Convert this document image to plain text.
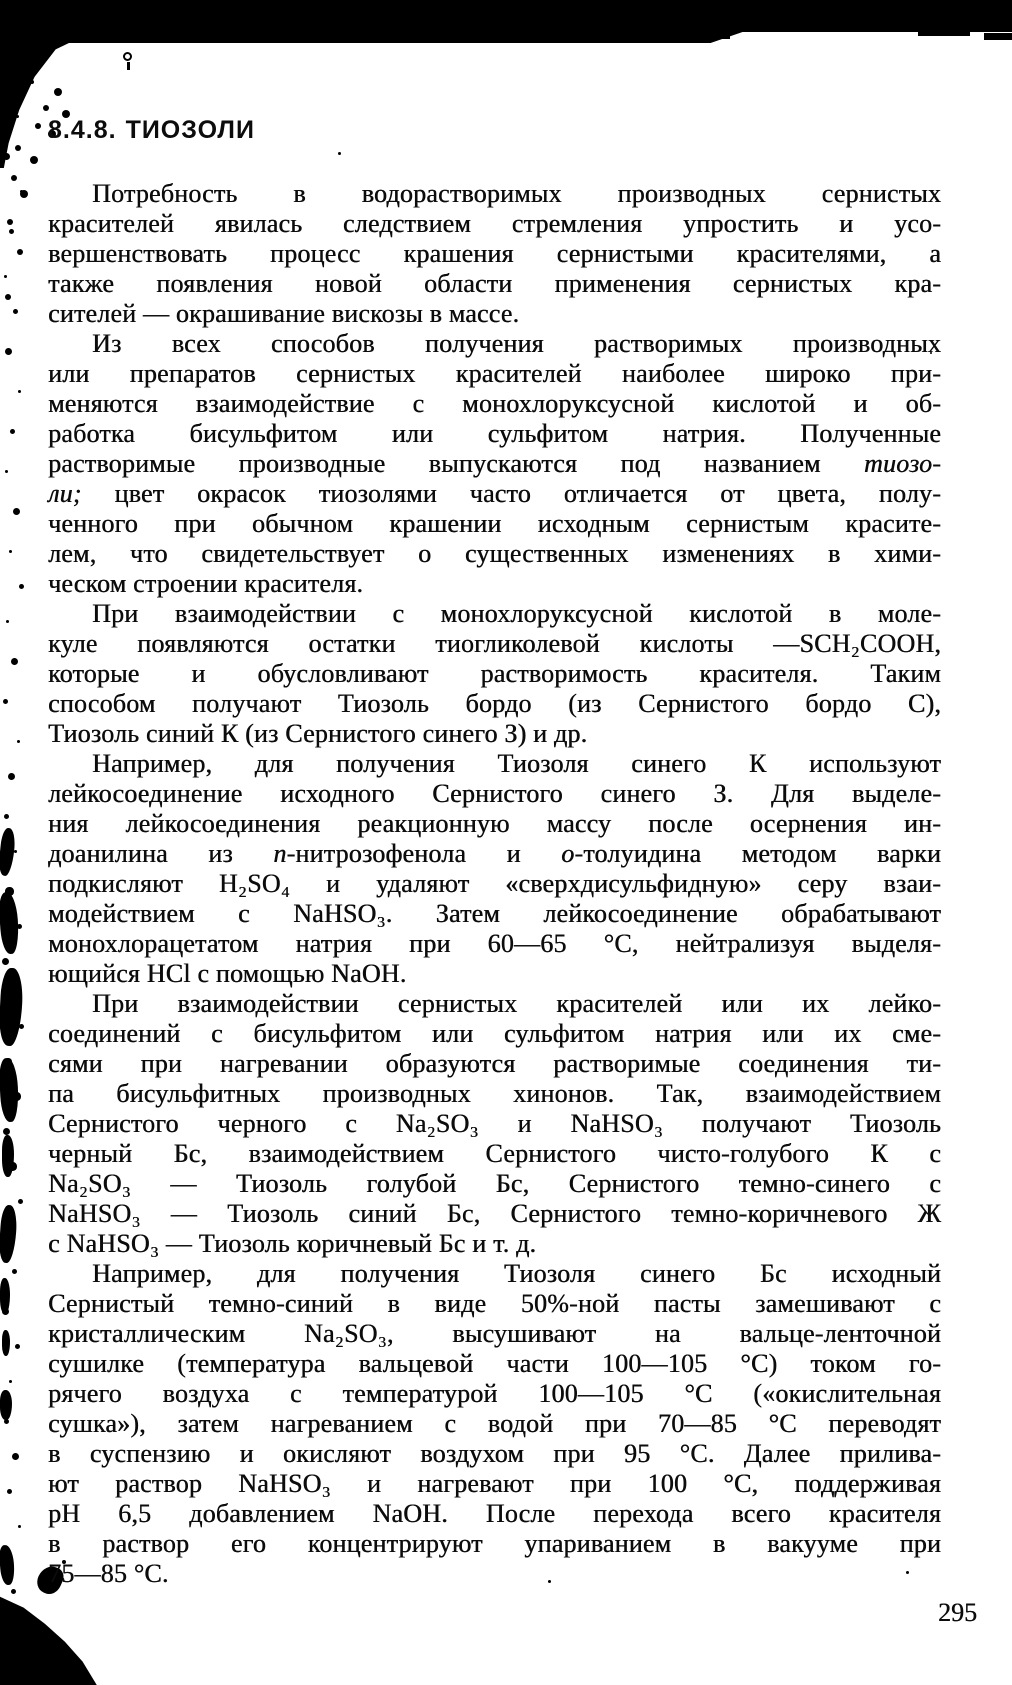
8.4.8. ТИОЗОЛИ
Потребность в водорастворимых производных сернистых
красителей явилась следствием стремления упростить и усо-
вершенствовать процесс крашения сернистыми красителями, а
также появления новой области применения сернистых кра-
сителей — окрашивание вискозы в массе.
Из всех способов получения растворимых производных
или препаратов сернистых красителей наиболее широко при-
меняются взаимодействие с монохлоруксусной кислотой и об-
работка бисульфитом или сульфитом натрия. Полученные
растворимые производные выпускаются под названием тиозо-
ли; цвет окрасок тиозолями часто отличается от цвета, полу-
ченного при обычном крашении исходным сернистым красите-
лем, что свидетельствует о существенных изменениях в хими-
ческом строении красителя.
При взаимодействии с монохлоруксусной кислотой в моле-
куле появляются остатки тиогликолевой кислоты —SCH₂COOH,
которые и обусловливают растворимость красителя. Таким
способом получают Тиозоль бордо (из Сернистого бордо С),
Тиозоль синий К (из Сернистого синего З) и др.
Например, для получения Тиозоля синего К используют
лейкосоединение исходного Сернистого синего З. Для выделе-
ния лейкосоединения реакционную массу после осернения ин-
доанилина из п-нитрозофенола и о-толуидина методом варки
подкисляют H₂SO₄ и удаляют «сверхдисульфидную» серу взаи-
модействием с NaHSO₃. Затем лейкосоединение обрабатывают
монохлорацетатом натрия при 60—65 °С, нейтрализуя выделя-
ющийся HCl с помощью NaOH.
При взаимодействии сернистых красителей или их лейко-
соединений с бисульфитом или сульфитом натрия или их сме-
сями при нагревании образуются растворимые соединения ти-
па бисульфитных производных хинонов. Так, взаимодействием
Сернистого черного с Na₂SO₃ и NaHSO₃ получают Тиозоль
черный Бс, взаимодействием Сернистого чисто-голубого К с
Na₂SO₃ — Тиозоль голубой Бс, Сернистого темно-синего с
NaHSO₃ — Тиозоль синий Бс, Сернистого темно-коричневого Ж
с NaHSO₃ — Тиозоль коричневый Бс и т. д.
Например, для получения Тиозоля синего Бс исходный
Сернистый темно-синий в виде 50%-ной пасты замешивают с
кристаллическим Na₂SO₃, высушивают на вальце-ленточной
сушилке (температура вальцевой части 100—105 °С) током го-
рячего воздуха с температурой 100—105 °С («окислительная
сушка»), затем нагреванием с водой при 70—85 °С переводят
в суспензию и окисляют воздухом при 95 °С. Далее прилива-
ют раствор NaHSO₃ и нагревают при 100 °С, поддерживая
pH 6,5 добавлением NaOH. После перехода всего красителя
в раствор его концентрируют упариванием в вакууме при
75—85 °С.
295
